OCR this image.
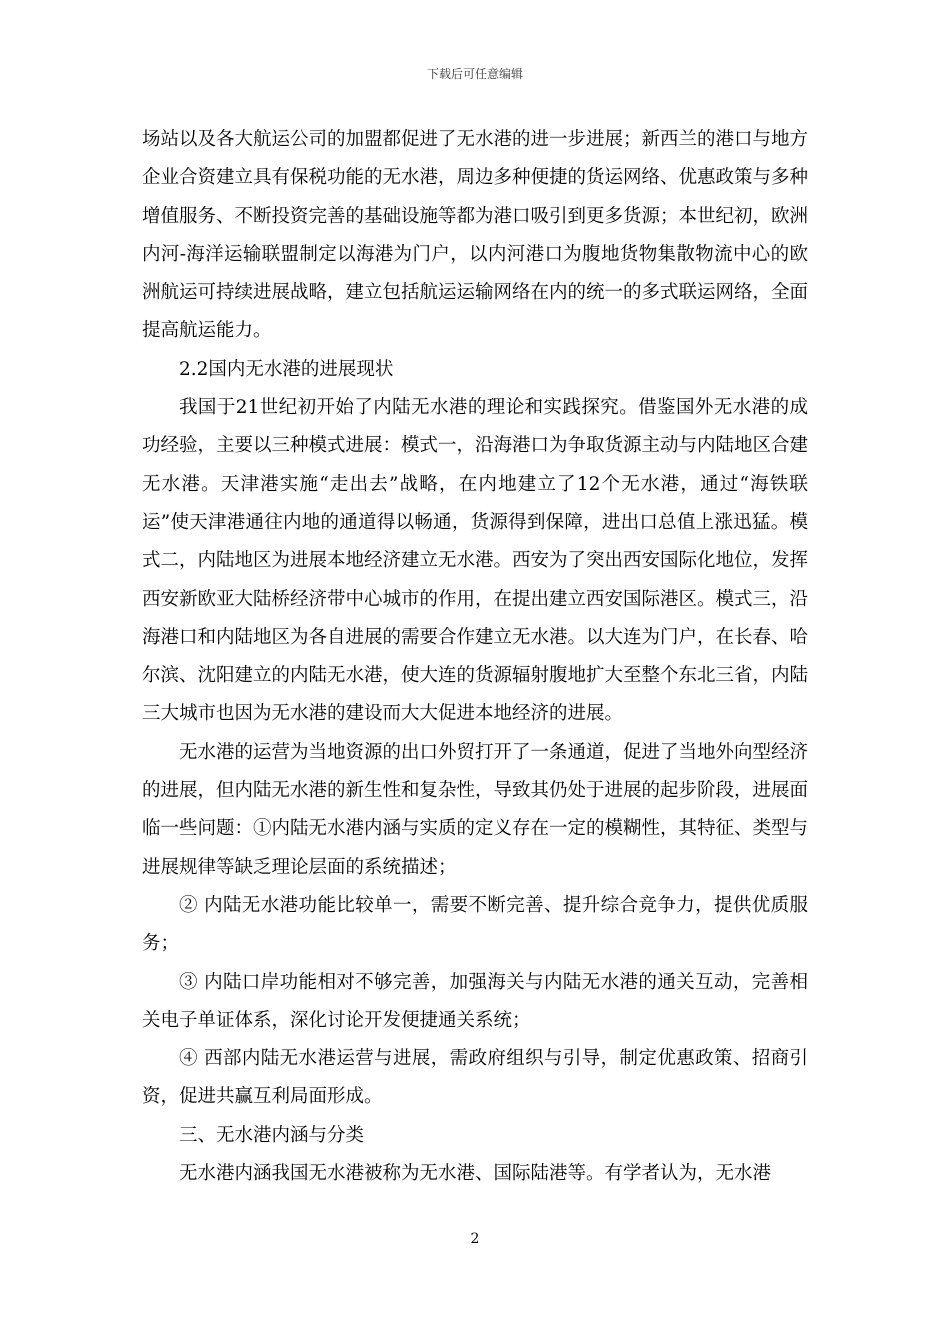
下载后可任意编辑

场站以及各大航运公司的加盟都促进了无水港的进一步进展；新西兰的港口与地方企业合资建立具有保税功能的无水港，周边多种便捷的货运网络、优惠政策与多种增值服务、不断投资完善的基础设施等都为港口吸引到更多货源；本世纪初，欧洲内河-海洋运输联盟制定以海港为门户，以内河港口为腹地货物集散物流中心的欧洲航运可持续进展战略，建立包括航运运输网络在内的统一的多式联运网络，全面提高航运能力。

2.2国内无水港的进展现状

我国于21世纪初开始了内陆无水港的理论和实践探究。借鉴国外无水港的成功经验，主要以三种模式进展：模式一，沿海港口为争取货源主动与内陆地区合建无水港。天津港实施“走出去”战略，在内地建立了12个无水港，通过“海铁联运”使天津港通往内地的通道得以畅通，货源得到保障，进出口总值上涨迅猛。模式二，内陆地区为进展本地经济建立无水港。西安为了突出西安国际化地位，发挥西安新欧亚大陆桥经济带中心城市的作用，在提出建立西安国际港区。模式三，沿海港口和内陆地区为各自进展的需要合作建立无水港。以大连为门户，在长春、哈尔滨、沈阳建立的内陆无水港，使大连的货源辐射腹地扩大至整个东北三省，内陆三大城市也因为无水港的建设而大大促进本地经济的进展。

无水港的运营为当地资源的出口外贸打开了一条通道，促进了当地外向型经济的进展，但内陆无水港的新生性和复杂性，导致其仍处于进展的起步阶段，进展面临一些问题：①内陆无水港内涵与实质的定义存在一定的模糊性，其特征、类型与进展规律等缺乏理论层面的系统描述；

② 内陆无水港功能比较单一，需要不断完善、提升综合竞争力，提供优质服务；

③ 内陆口岸功能相对不够完善，加强海关与内陆无水港的通关互动，完善相关电子单证体系，深化讨论开发便捷通关系统；

④ 西部内陆无水港运营与进展，需政府组织与引导，制定优惠政策、招商引资，促进共赢互利局面形成。

三、无水港内涵与分类

无水港内涵我国无水港被称为无水港、国际陆港等。有学者认为，无水港

2
